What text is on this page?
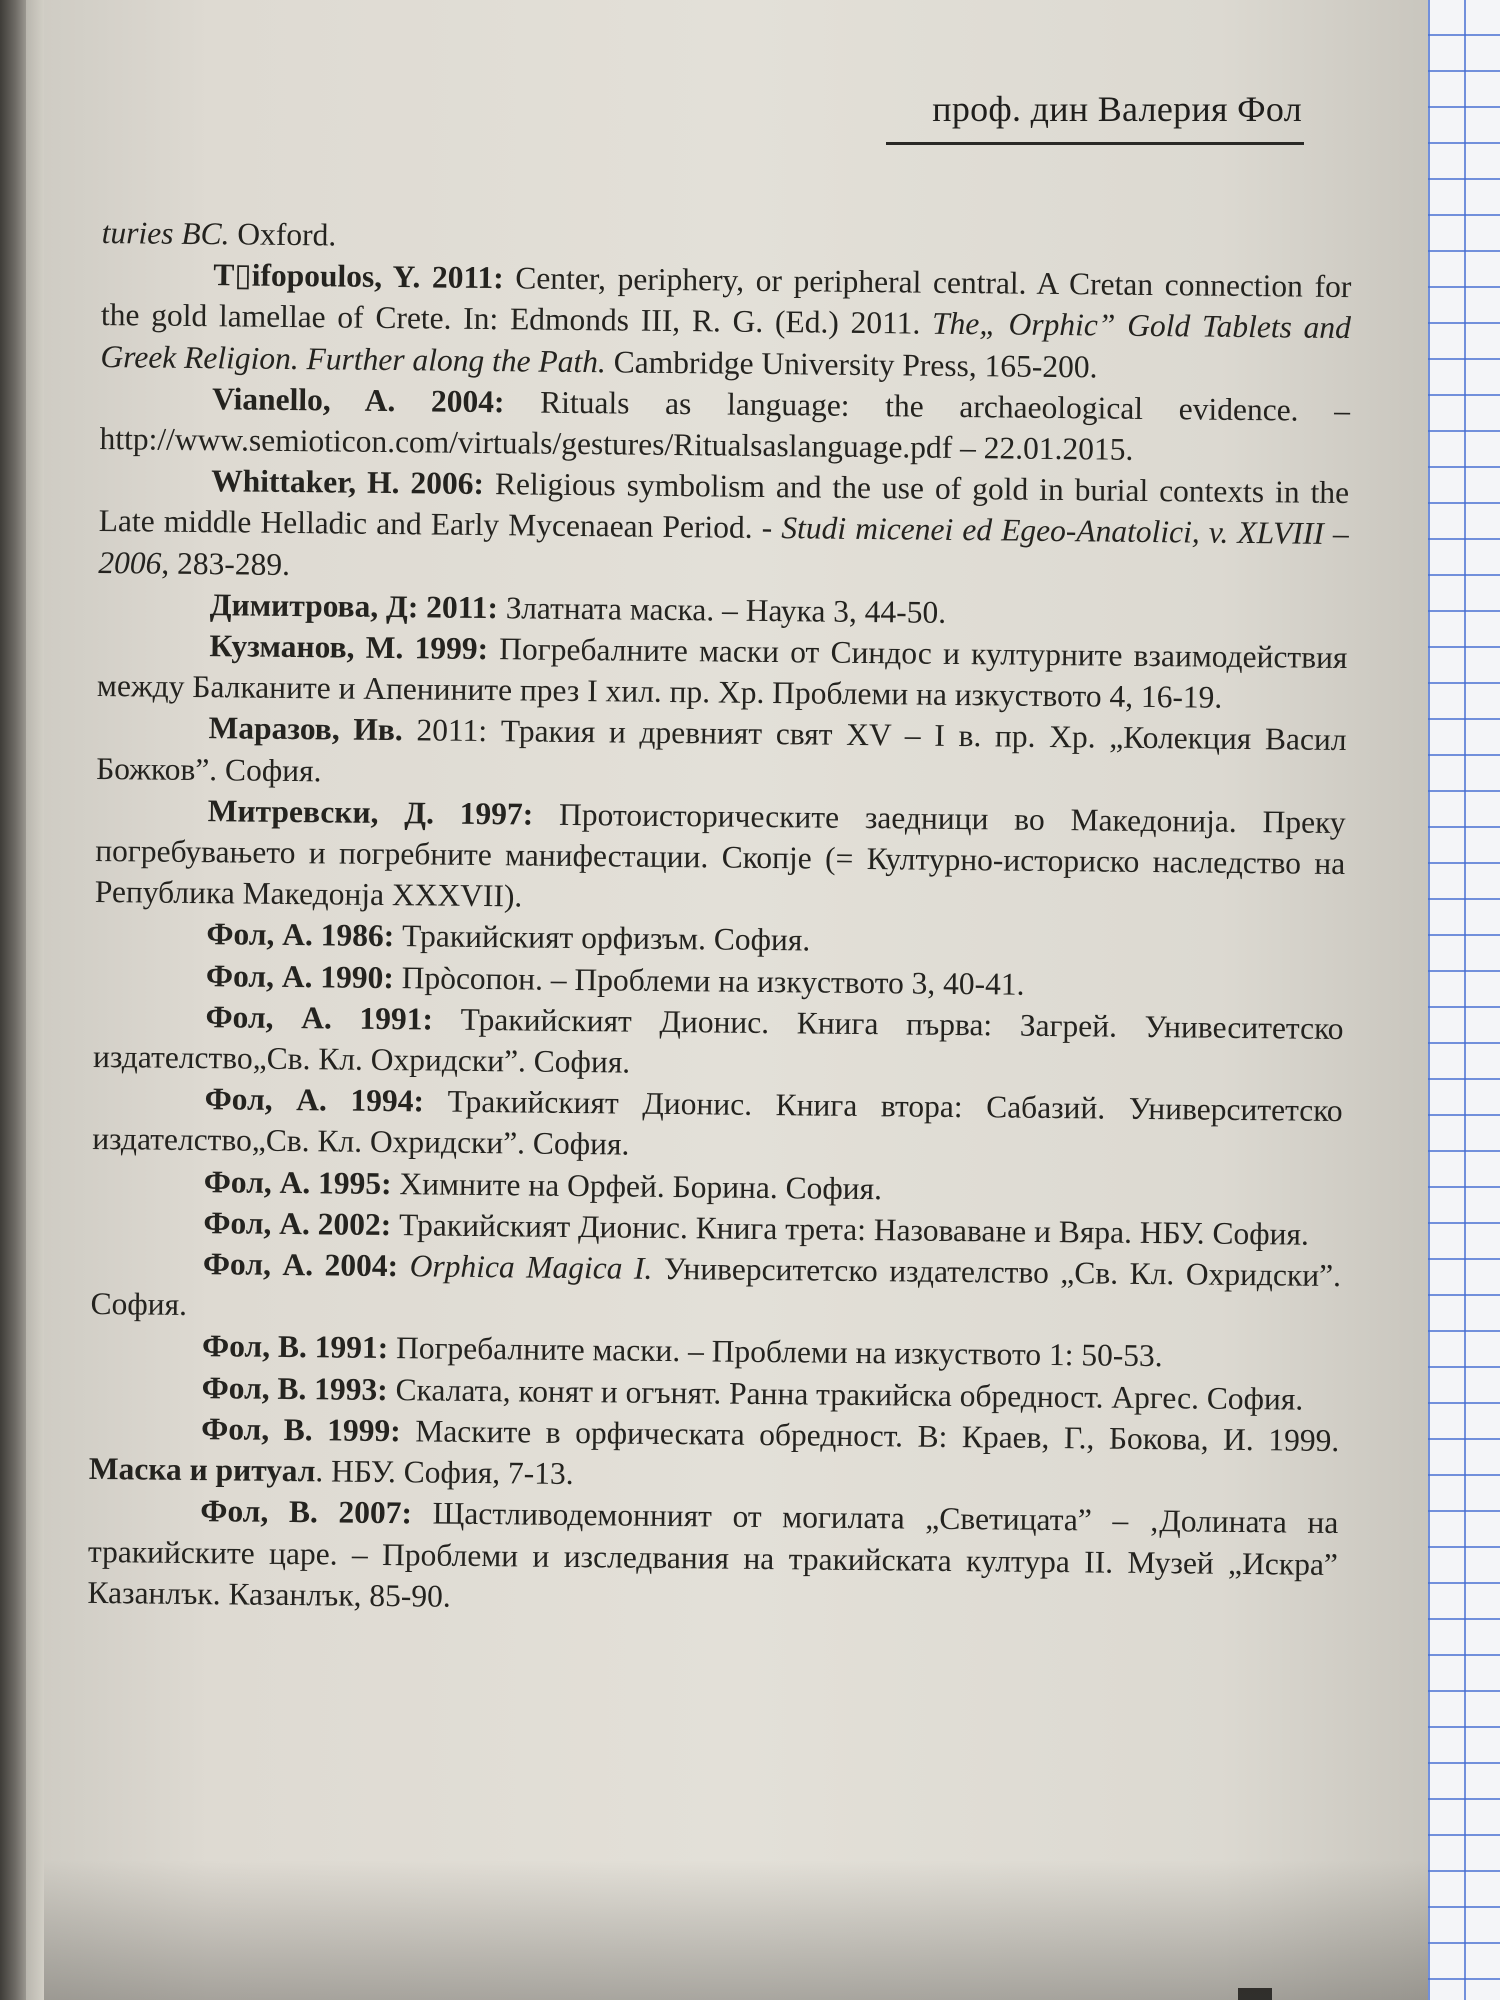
проф. дин Валерия Фол

turies BC. Oxford.

T▯ifopoulos, Y. 2011: Center, periphery, or peripheral central. A Cretan connection for the gold lamellae of Crete. In: Edmonds III, R. G. (Ed.) 2011. The„ Orphic” Gold Tablets and Greek Religion. Further along the Path. Cambridge University Press, 165-200.

Vianello, A. 2004: Rituals as language: the archaeological evidence. – http://www.semioticon.com/virtuals/gestures/Ritualsaslanguage.pdf – 22.01.2015.

Whittaker, H. 2006: Religious symbolism and the use of gold in burial contexts in the Late middle Helladic and Early Mycenaean Period. - Studi micenei ed Egeo-Anatolici, v. XLVIII – 2006, 283-289.

Димитрова, Д: 2011: Златната маска. – Наука 3, 44-50.

Кузманов, М. 1999: Погребалните маски от Синдос и културните взаимодействия между Балканите и Апенините през I хил. пр. Хр. Проблеми на изкуството 4, 16-19.

Маразов, Ив. 2011: Тракия и древният свят XV – I в. пр. Хр. „Колекция Васил Божков”. София.

Митревски, Д. 1997: Протоисторическите заедници во Македонија. Преку погребувањето и погребните манифестации. Скопје (= Културно-историско наследство на Република Македонја XXXVII).

Фол, А. 1986: Тракийският орфизъм. София.

Фол, А. 1990: Прòсопон. – Проблеми на изкуството 3, 40-41.

Фол, А. 1991: Тракийският Дионис. Книга първа: Загрей. Унивеситетско издателство„Св. Кл. Охридски”. София.

Фол, А. 1994: Тракийският Дионис. Книга втора: Сабазий. Университетско издателство„Св. Кл. Охридски”. София.

Фол, А. 1995: Химните на Орфей. Борина. София.

Фол, А. 2002: Тракийският Дионис. Книга трета: Назоваване и Вяра. НБУ. София.

Фол, А. 2004: Orphica Magica I. Университетско издателство „Св. Кл. Охридски”. София.

Фол, В. 1991: Погребалните маски. – Проблеми на изкуството 1: 50-53.

Фол, В. 1993: Скалата, конят и огънят. Ранна тракийска обредност. Аргес. София.

Фол, В. 1999: Маските в орфическата обредност. В: Краев, Г., Бокова, И. 1999. Маска и ритуал. НБУ. София, 7-13.

Фол, В. 2007: Щастливодемонният от могилата „Светицата” – ‚Долината на тракийските царе. – Проблеми и изследвания на тракийската култура II. Музей „Искра” Казанлък. Казанлък, 85-90.
